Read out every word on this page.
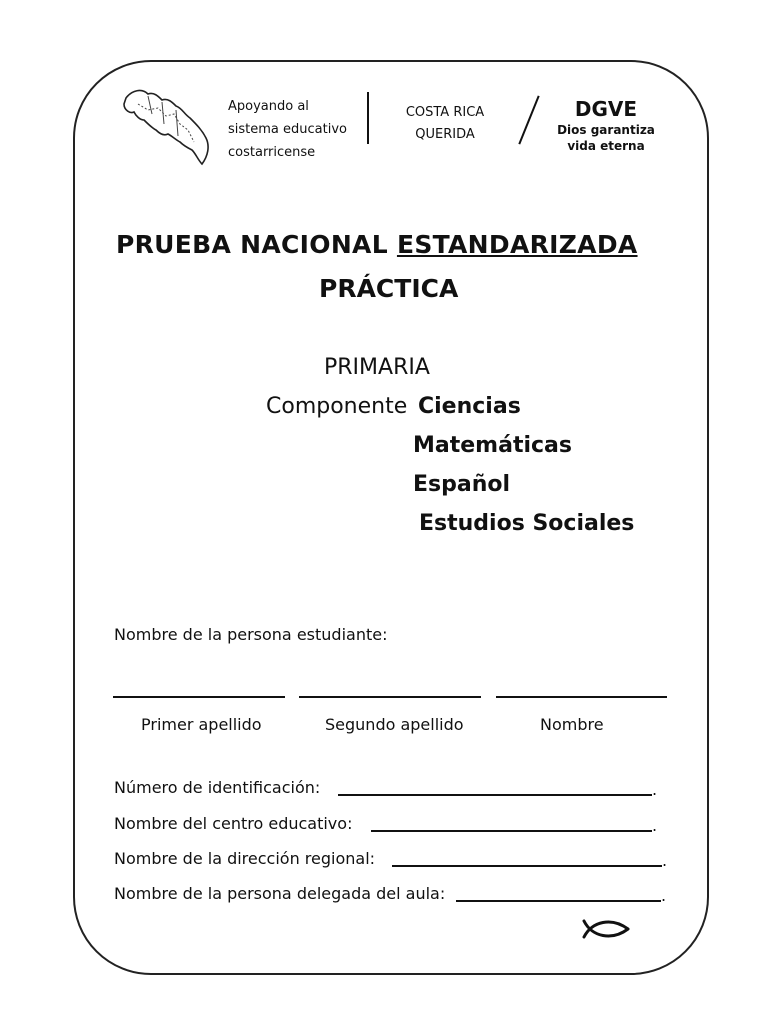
Apoyando al
sistema educativo
costarricense
COSTA RICA
QUERIDA
DGVE
Dios garantiza
vida eterna
PRUEBA NACIONAL ESTANDARIZADA
PRÁCTICA
PRIMARIA
Componente Ciencias
Matemáticas
Español
Estudios Sociales
Nombre de la persona estudiante:
Primer apellido	Segundo apellido	Nombre
Número de identificación:	.
Nombre del centro educativo:	.
Nombre de la dirección regional:	.
Nombre de la persona delegada del aula:	.
